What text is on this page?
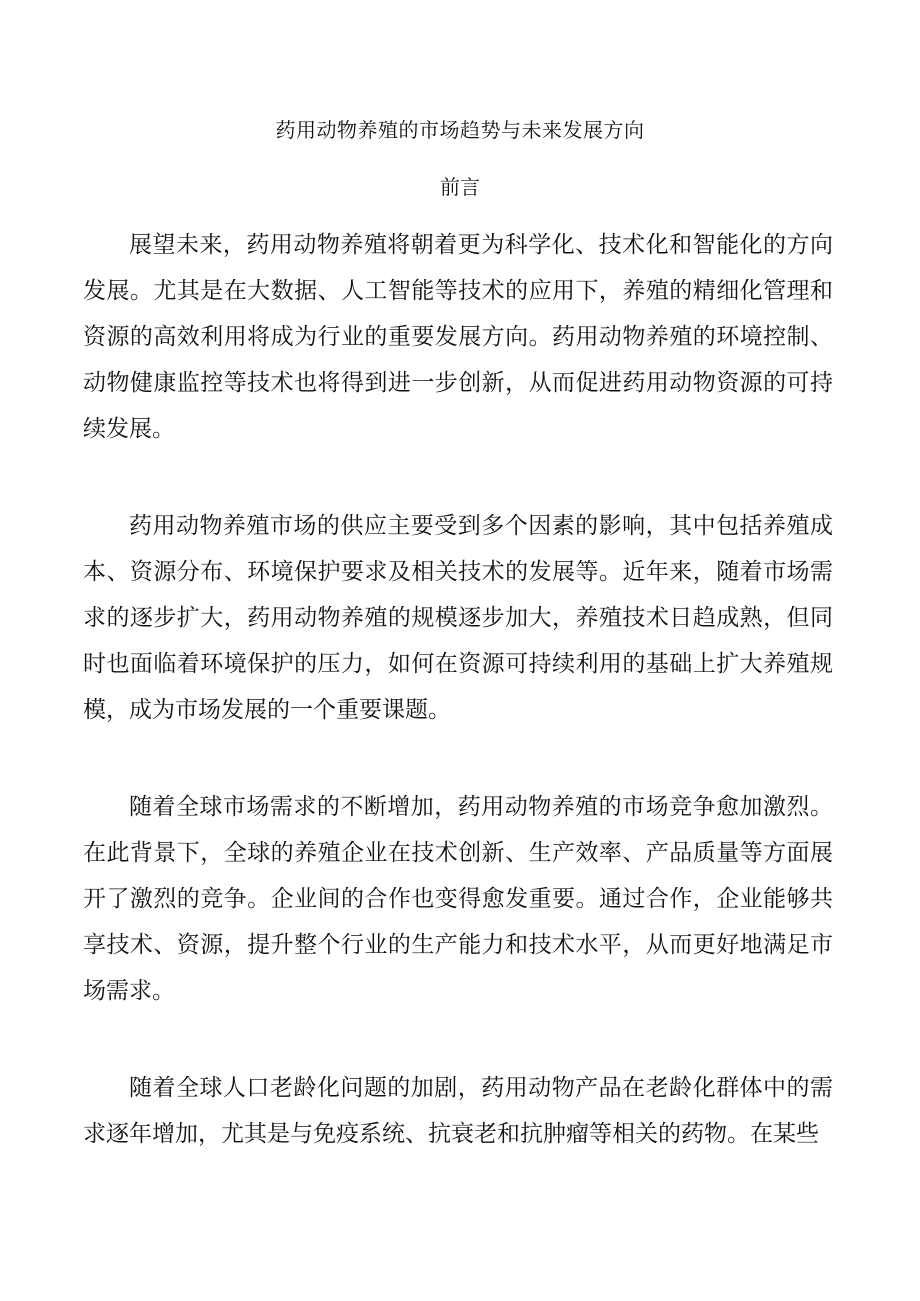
药用动物养殖的市场趋势与未来发展方向
前言

展望未来，药用动物养殖将朝着更为科学化、技术化和智能化的方向发展。尤其是在大数据、人工智能等技术的应用下，养殖的精细化管理和资源的高效利用将成为行业的重要发展方向。药用动物养殖的环境控制、动物健康监控等技术也将得到进一步创新，从而促进药用动物资源的可持续发展。

药用动物养殖市场的供应主要受到多个因素的影响，其中包括养殖成本、资源分布、环境保护要求及相关技术的发展等。近年来，随着市场需求的逐步扩大，药用动物养殖的规模逐步加大，养殖技术日趋成熟，但同时也面临着环境保护的压力，如何在资源可持续利用的基础上扩大养殖规模，成为市场发展的一个重要课题。

随着全球市场需求的不断增加，药用动物养殖的市场竞争愈加激烈。在此背景下，全球的养殖企业在技术创新、生产效率、产品质量等方面展开了激烈的竞争。企业间的合作也变得愈发重要。通过合作，企业能够共享技术、资源，提升整个行业的生产能力和技术水平，从而更好地满足市场需求。

随着全球人口老龄化问题的加剧，药用动物产品在老龄化群体中的需求逐年增加，尤其是与免疫系统、抗衰老和抗肿瘤等相关的药物。在某些
